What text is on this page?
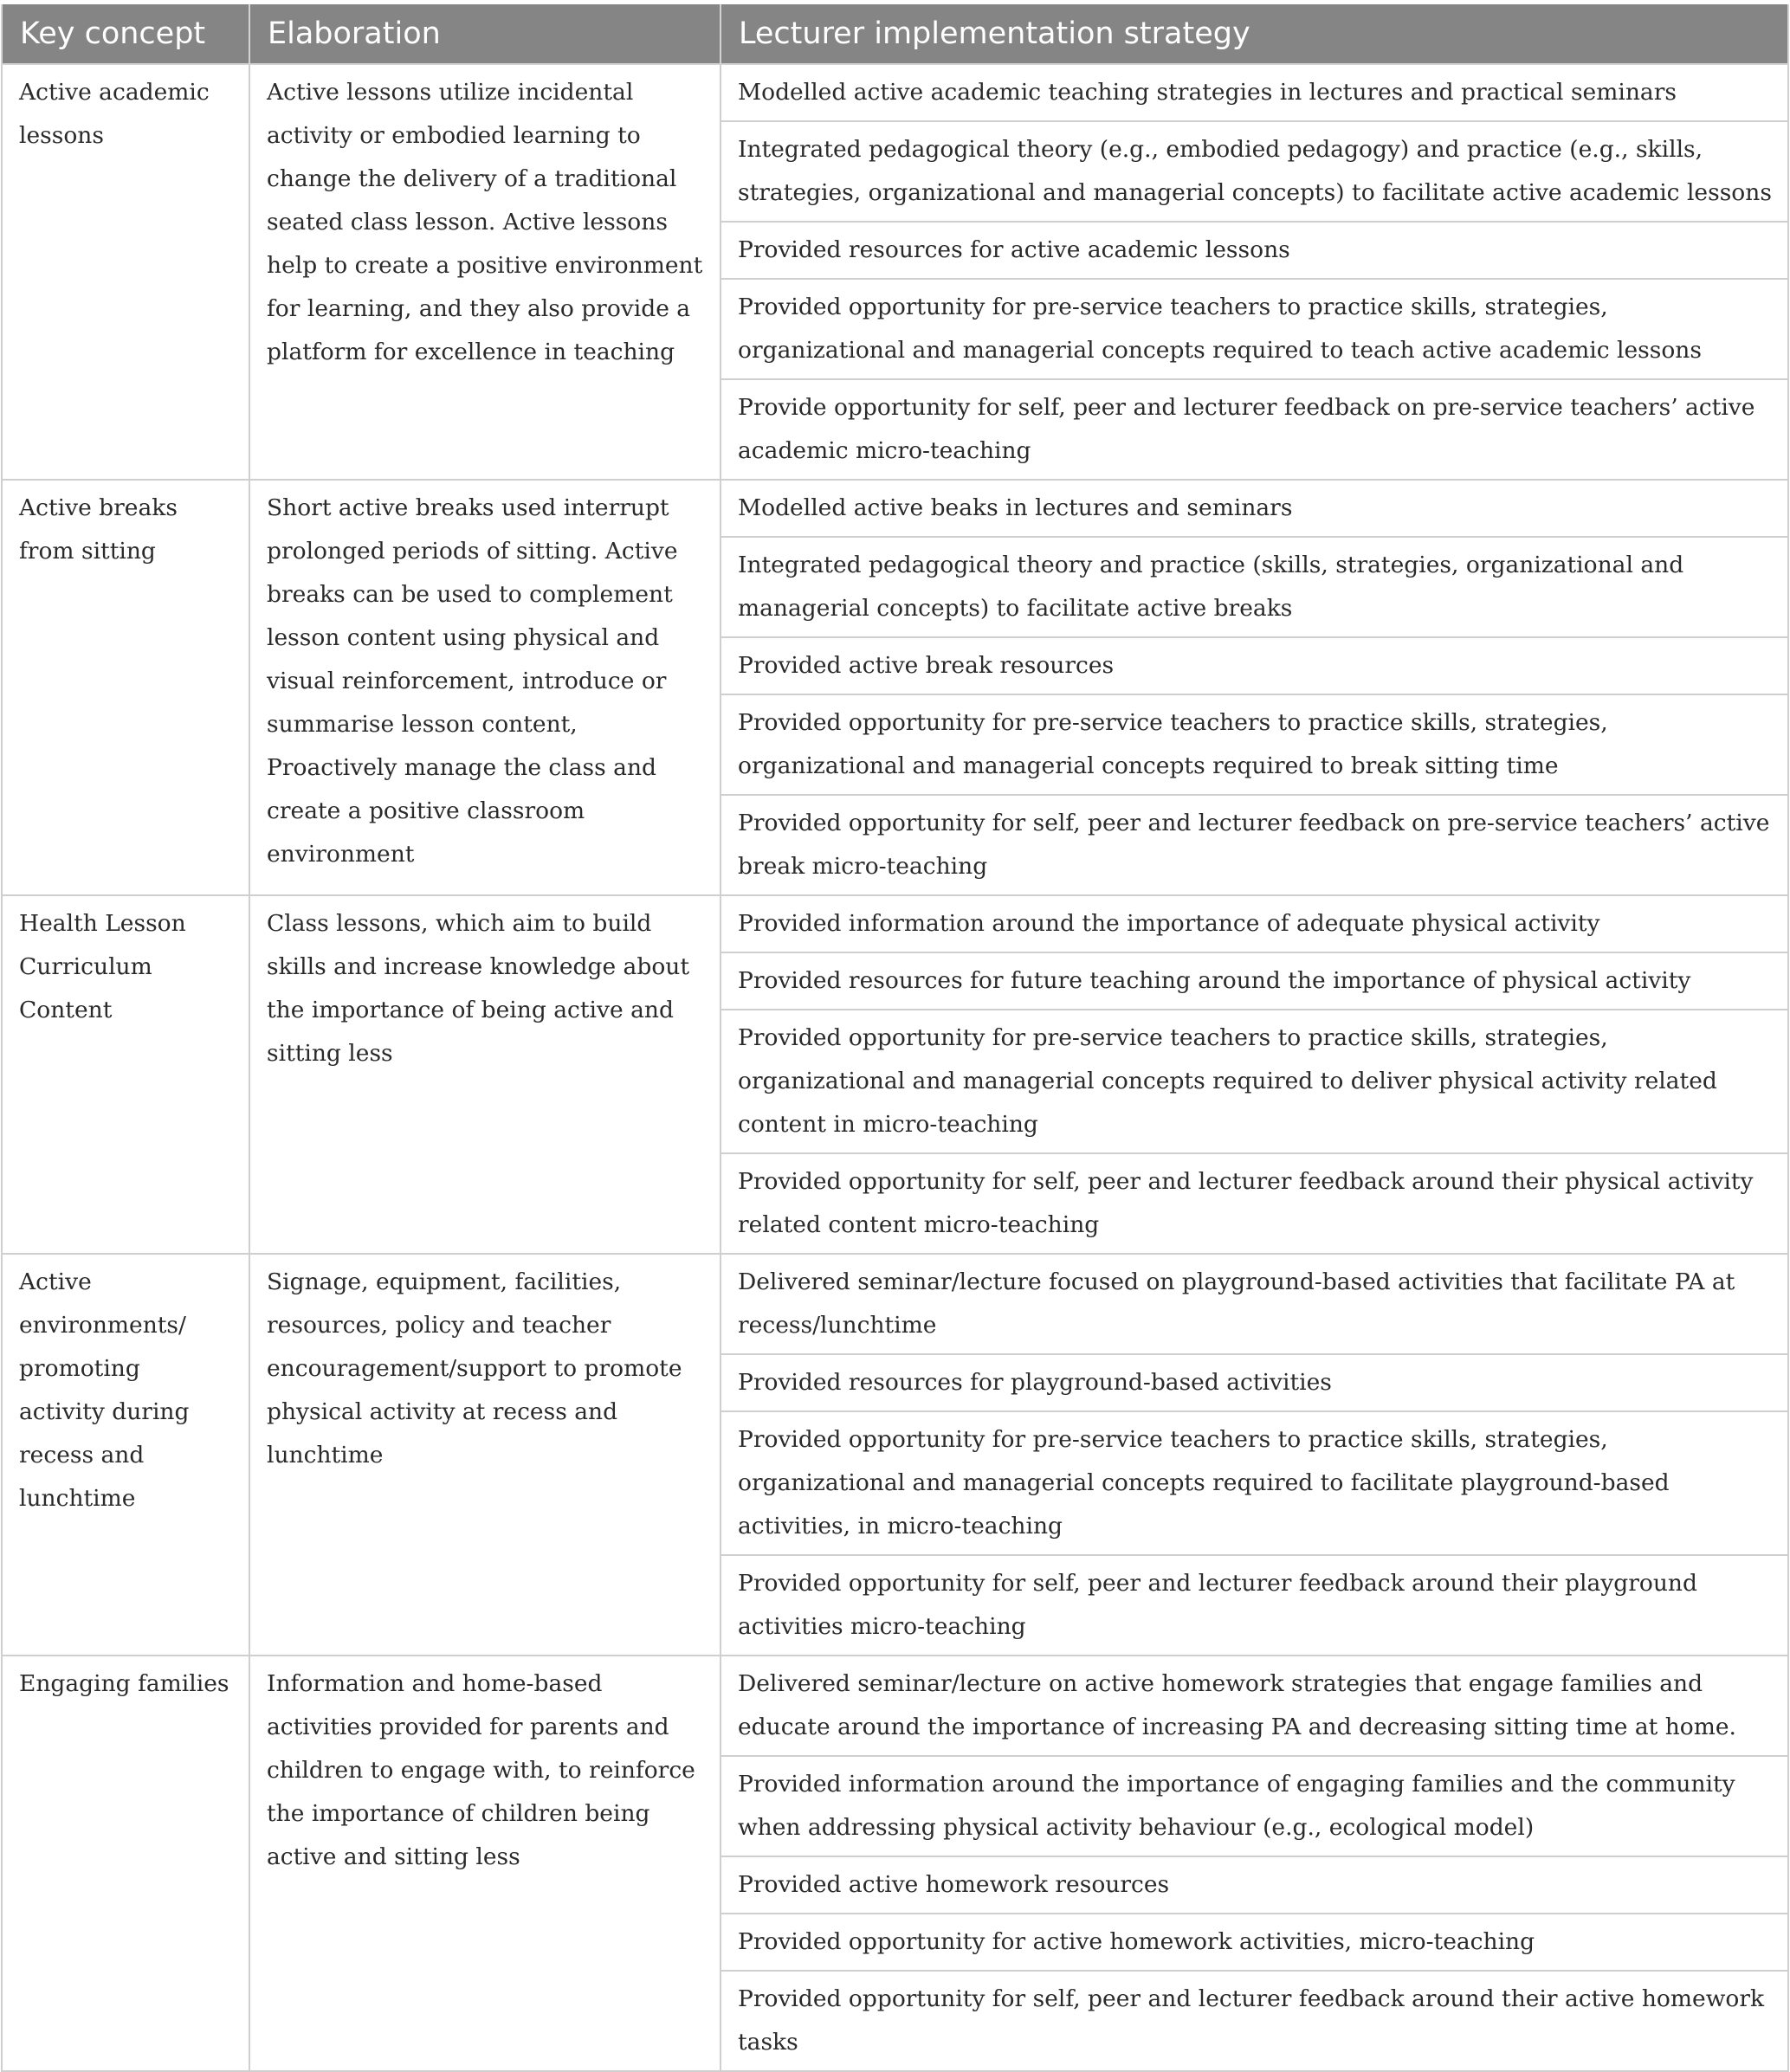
Key concept	Elaboration	Lecturer implementation strategy
Active academic lessons	Active lessons utilize incidental activity or embodied learning to change the delivery of a traditional seated class lesson. Active lessons help to create a positive environment for learning, and they also provide a platform for excellence in teaching	Modelled active academic teaching strategies in lectures and practical seminars
		Integrated pedagogical theory (e.g., embodied pedagogy) and practice (e.g., skills, strategies, organizational and managerial concepts) to facilitate active academic lessons
		Provided resources for active academic lessons
		Provided opportunity for pre-service teachers to practice skills, strategies, organizational and managerial concepts required to teach active academic lessons
		Provide opportunity for self, peer and lecturer feedback on pre-service teachers’ active academic micro-teaching
Active breaks from sitting	Short active breaks used interrupt prolonged periods of sitting. Active breaks can be used to complement lesson content using physical and visual reinforcement, introduce or summarise lesson content, Proactively manage the class and create a positive classroom environment	Modelled active beaks in lectures and seminars
		Integrated pedagogical theory and practice (skills, strategies, organizational and managerial concepts) to facilitate active breaks
		Provided active break resources
		Provided opportunity for pre-service teachers to practice skills, strategies, organizational and managerial concepts required to break sitting time
		Provided opportunity for self, peer and lecturer feedback on pre-service teachers’ active break micro-teaching
Health Lesson Curriculum Content	Class lessons, which aim to build skills and increase knowledge about the importance of being active and sitting less	Provided information around the importance of adequate physical activity
		Provided resources for future teaching around the importance of physical activity
		Provided opportunity for pre-service teachers to practice skills, strategies, organizational and managerial concepts required to deliver physical activity related content in micro-teaching
		Provided opportunity for self, peer and lecturer feedback around their physical activity related content micro-teaching
Active environments/ promoting activity during recess and lunchtime	Signage, equipment, facilities, resources, policy and teacher encouragement/support to promote physical activity at recess and lunchtime	Delivered seminar/lecture focused on playground-based activities that facilitate PA at recess/lunchtime
		Provided resources for playground-based activities
		Provided opportunity for pre-service teachers to practice skills, strategies, organizational and managerial concepts required to facilitate playground-based activities, in micro-teaching
		Provided opportunity for self, peer and lecturer feedback around their playground activities micro-teaching
Engaging families	Information and home-based activities provided for parents and children to engage with, to reinforce the importance of children being active and sitting less	Delivered seminar/lecture on active homework strategies that engage families and educate around the importance of increasing PA and decreasing sitting time at home.
		Provided information around the importance of engaging families and the community when addressing physical activity behaviour (e.g., ecological model)
		Provided active homework resources
		Provided opportunity for active homework activities, micro-teaching
		Provided opportunity for self, peer and lecturer feedback around their active homework tasks
